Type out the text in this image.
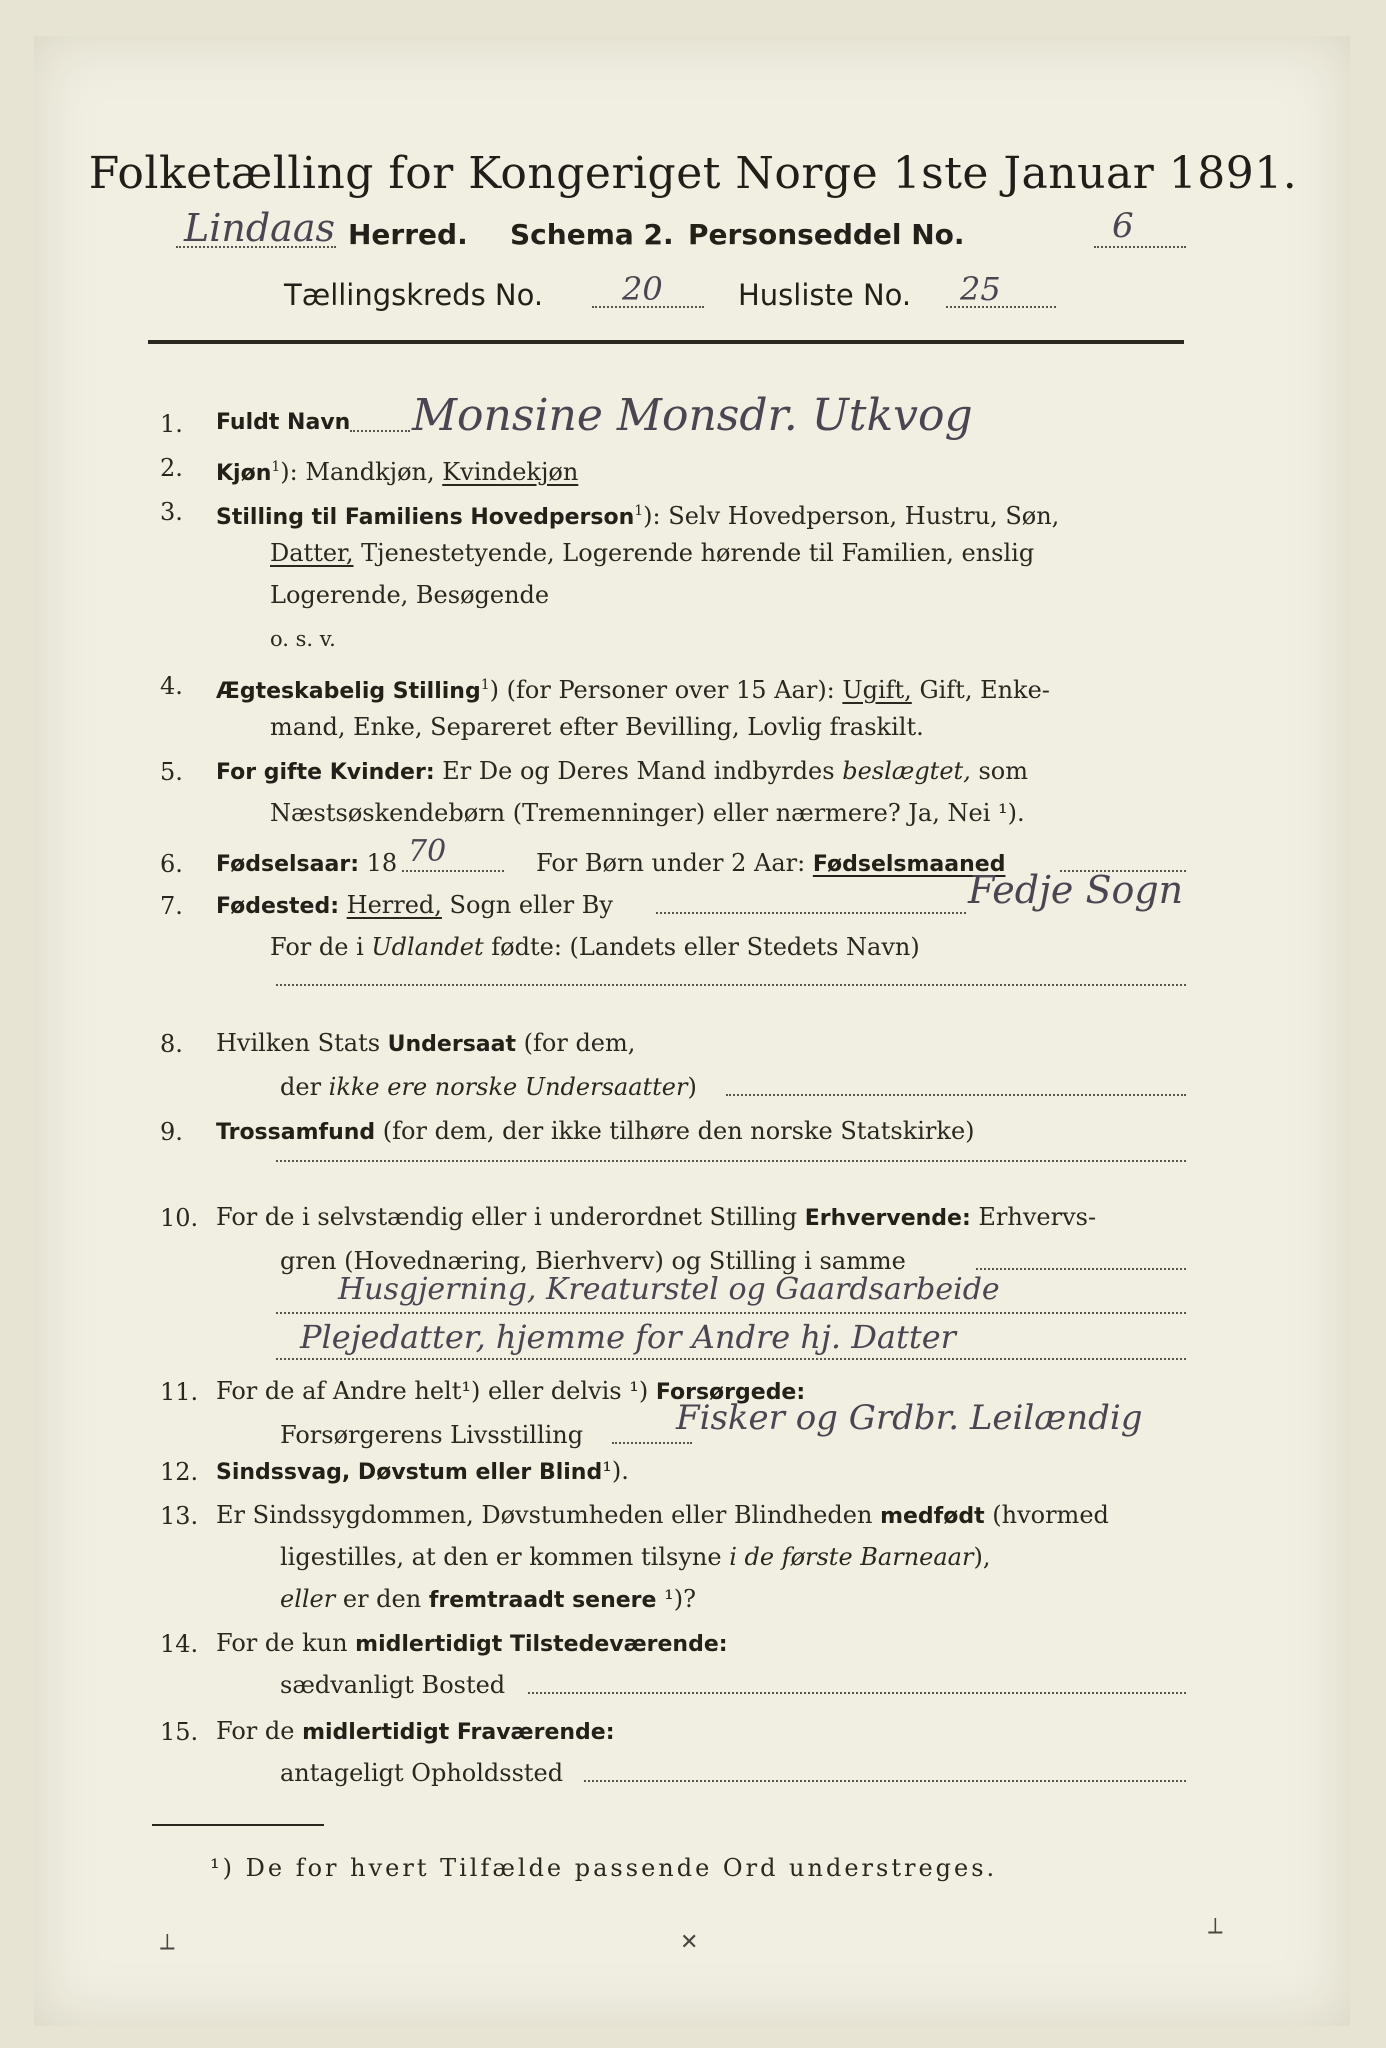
Folketælling for Kongeriget Norge 1ste Januar 1891.
Lindaas Herred. Schema 2. Personseddel No.	6
Tællingskreds No. 20	Husliste No. 25
1. Fuldt Navn Monsine Monsdr. Utkvog
2. Kjøn$^1$): Mandkjøn, Kvindekjøn
3. Stilling til Familiens Hovedperson$^1$): Selv Hovedperson, Hustru, Søn,
Datter, Tjenestetyende, Logerende hørende til Familien, enslig
Logerende, Besøgende
o. s. v.
4. Ægteskabelig Stilling$^1$) (for Personer over 15 Aar): Ugift, Gift, Enke-
mand, Enke, Separeret efter Bevilling, Lovlig fraskilt.
5. For gifte Kvinder: Er De og Deres Mand indbyrdes beslægtet, som
Næstsøskendebørn (Tremenninger) eller nærmere? Ja, Nei ¹).
6. Fødselsaar: 18 70	For Børn under 2 Aar: Fødselsmaaned
7. Fødested: Herred, Sogn eller By	Fedje Sogn
For de i Udlandet fødte: (Landets eller Stedets Navn)
8. Hvilken Stats Undersaat (for dem,
der ikke ere norske Undersaatter)
9. Trossamfund (for dem, der ikke tilhøre den norske Statskirke)
10. For de i selvstændig eller i underordnet Stilling Erhvervende: Erhvervs-
gren (Hovednæring, Bierhverv) og Stilling i samme
Husgjerning, Kreaturstel og Gaardsarbeide
Plejedatter, hjemme for Andre hj. Datter
11. For de af Andre helt¹) eller delvis ¹) Forsørgede:
Forsørgerens Livsstilling	Fisker og Grdbr. Leilændig
12. Sindssvag, Døvstum eller Blind¹).
13. Er Sindssygdommen, Døvstumheden eller Blindheden medfødt (hvormed
ligestilles, at den er kommen tilsyne i de første Barneaar),
eller er den fremtraadt senere ¹)?
14. For de kun midlertidigt Tilstedeværende:
sædvanligt Bosted
15. For de midlertidigt Fraværende:
antageligt Opholdssted
¹) De for hvert Tilfælde passende Ord understreges.
⟂	✕
⟂
